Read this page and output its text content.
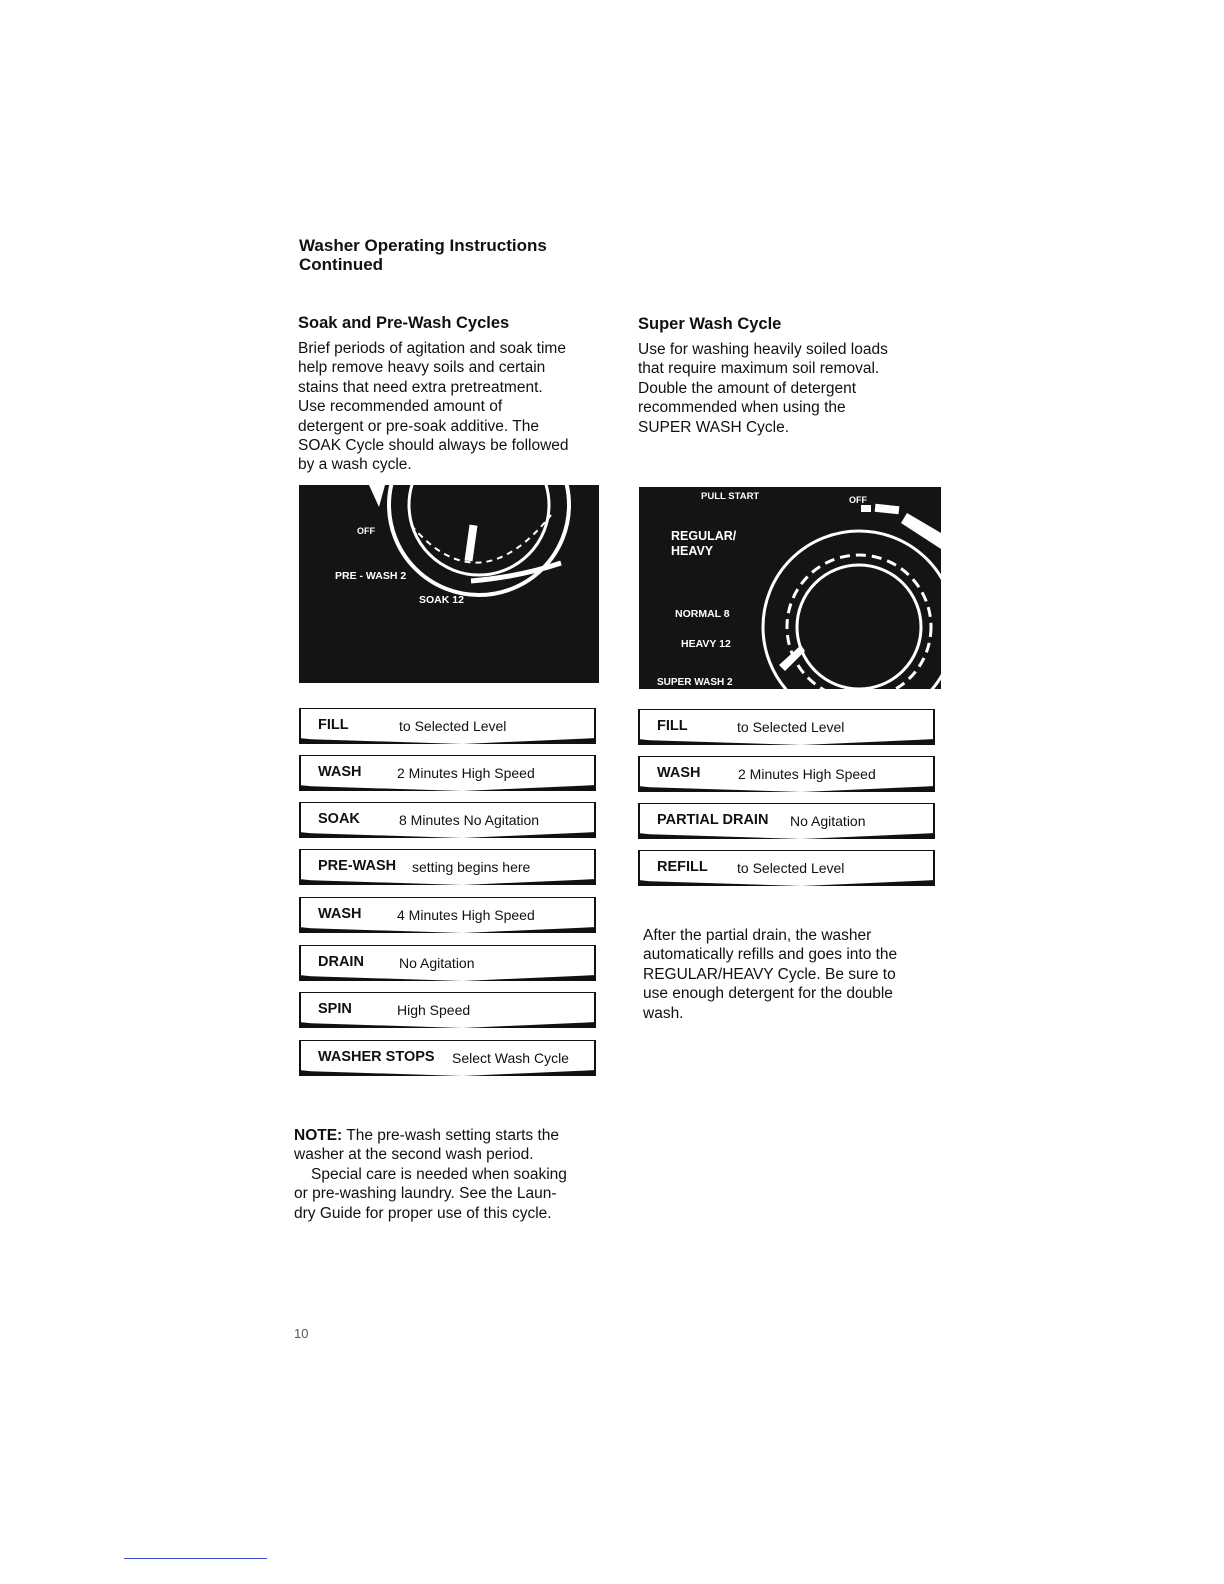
Washer Operating Instructions
Continued
Soak and Pre-Wash Cycles

Brief periods of agitation and soak time

help remove heavy soils and certain

stains that need extra pretreatment.

Use recommended amount of

detergent or pre-soak additive. The

SOAK Cycle should always be followed

by a wash cycle.

OFF
PRE - WASH 2
SOAK 12
FILL	to Selected Level
WASH	2 Minutes High Speed
SOAK	8 Minutes No Agitation
PRE-WASH setting begins here
WASH	4 Minutes High Speed
DRAIN	No Agitation
SPIN	High Speed
WASHER STOPS Select Wash Cycle

NOTE: The pre-wash setting starts the

washer at the second wash period.

Special care is needed when soaking

or pre-washing laundry. See the Laun-

dry Guide for proper use of this cycle.

Super Wash Cycle

Use for washing heavily soiled loads

that require maximum soil removal.

Double the amount of detergent

recommended when using the

SUPER WASH Cycle.

PULL START	OFF
REGULAR/
HEAVY
NORMAL 8
HEAVY 12
SUPER WASH 2
FILL	to Selected Level
WASH	2 Minutes High Speed
PARTIAL DRAIN No Agitation
REFILL to Selected Level

After the partial drain, the washer

automatically refills and goes into the

REGULAR/HEAVY Cycle. Be sure to

use enough detergent for the double

wash.

10
